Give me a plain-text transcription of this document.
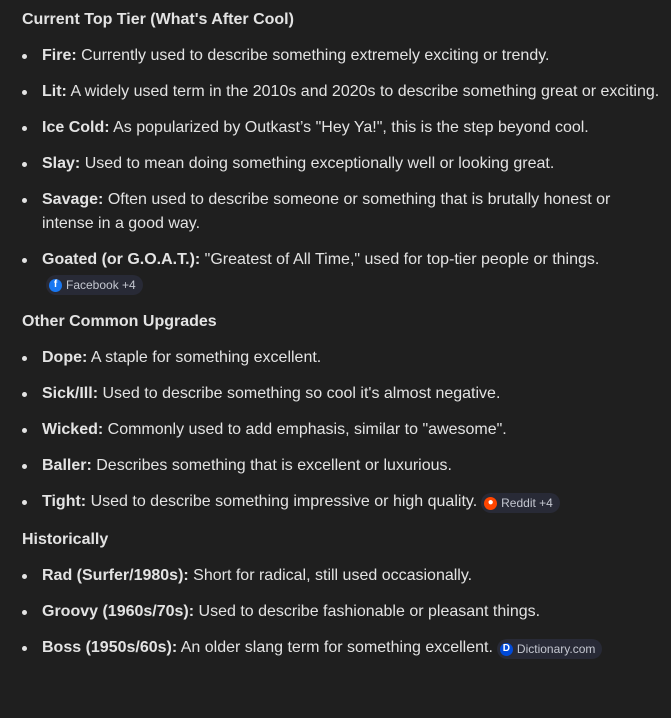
Current Top Tier (What's After Cool)

Fire: Currently used to describe something extremely exciting or trendy.
Lit: A widely used term in the 2010s and 2020s to describe something great or exciting.
Ice Cold: As popularized by Outkast’s "Hey Ya!", this is the step beyond cool.
Slay: Used to mean doing something exceptionally well or looking great.
Savage: Often used to describe someone or something that is brutally honest or intense in a good way.
Goated (or G.O.A.T.): "Greatest of All Time," used for top-tier people or things.
f Facebook +4

Other Common Upgrades

Dope: A staple for something excellent.
Sick/Ill: Used to describe something so cool it's almost negative.
Wicked: Commonly used to add emphasis, similar to "awesome".
Baller: Describes something that is excellent or luxurious.
Tight: Used to describe something impressive or high quality.	● Reddit +4

Historically

Rad (Surfer/1980s): Short for radical, still used occasionally.
Groovy (1960s/70s): Used to describe fashionable or pleasant things.
Boss (1950s/60s): An older slang term for something excellent. D Dictionary.com
